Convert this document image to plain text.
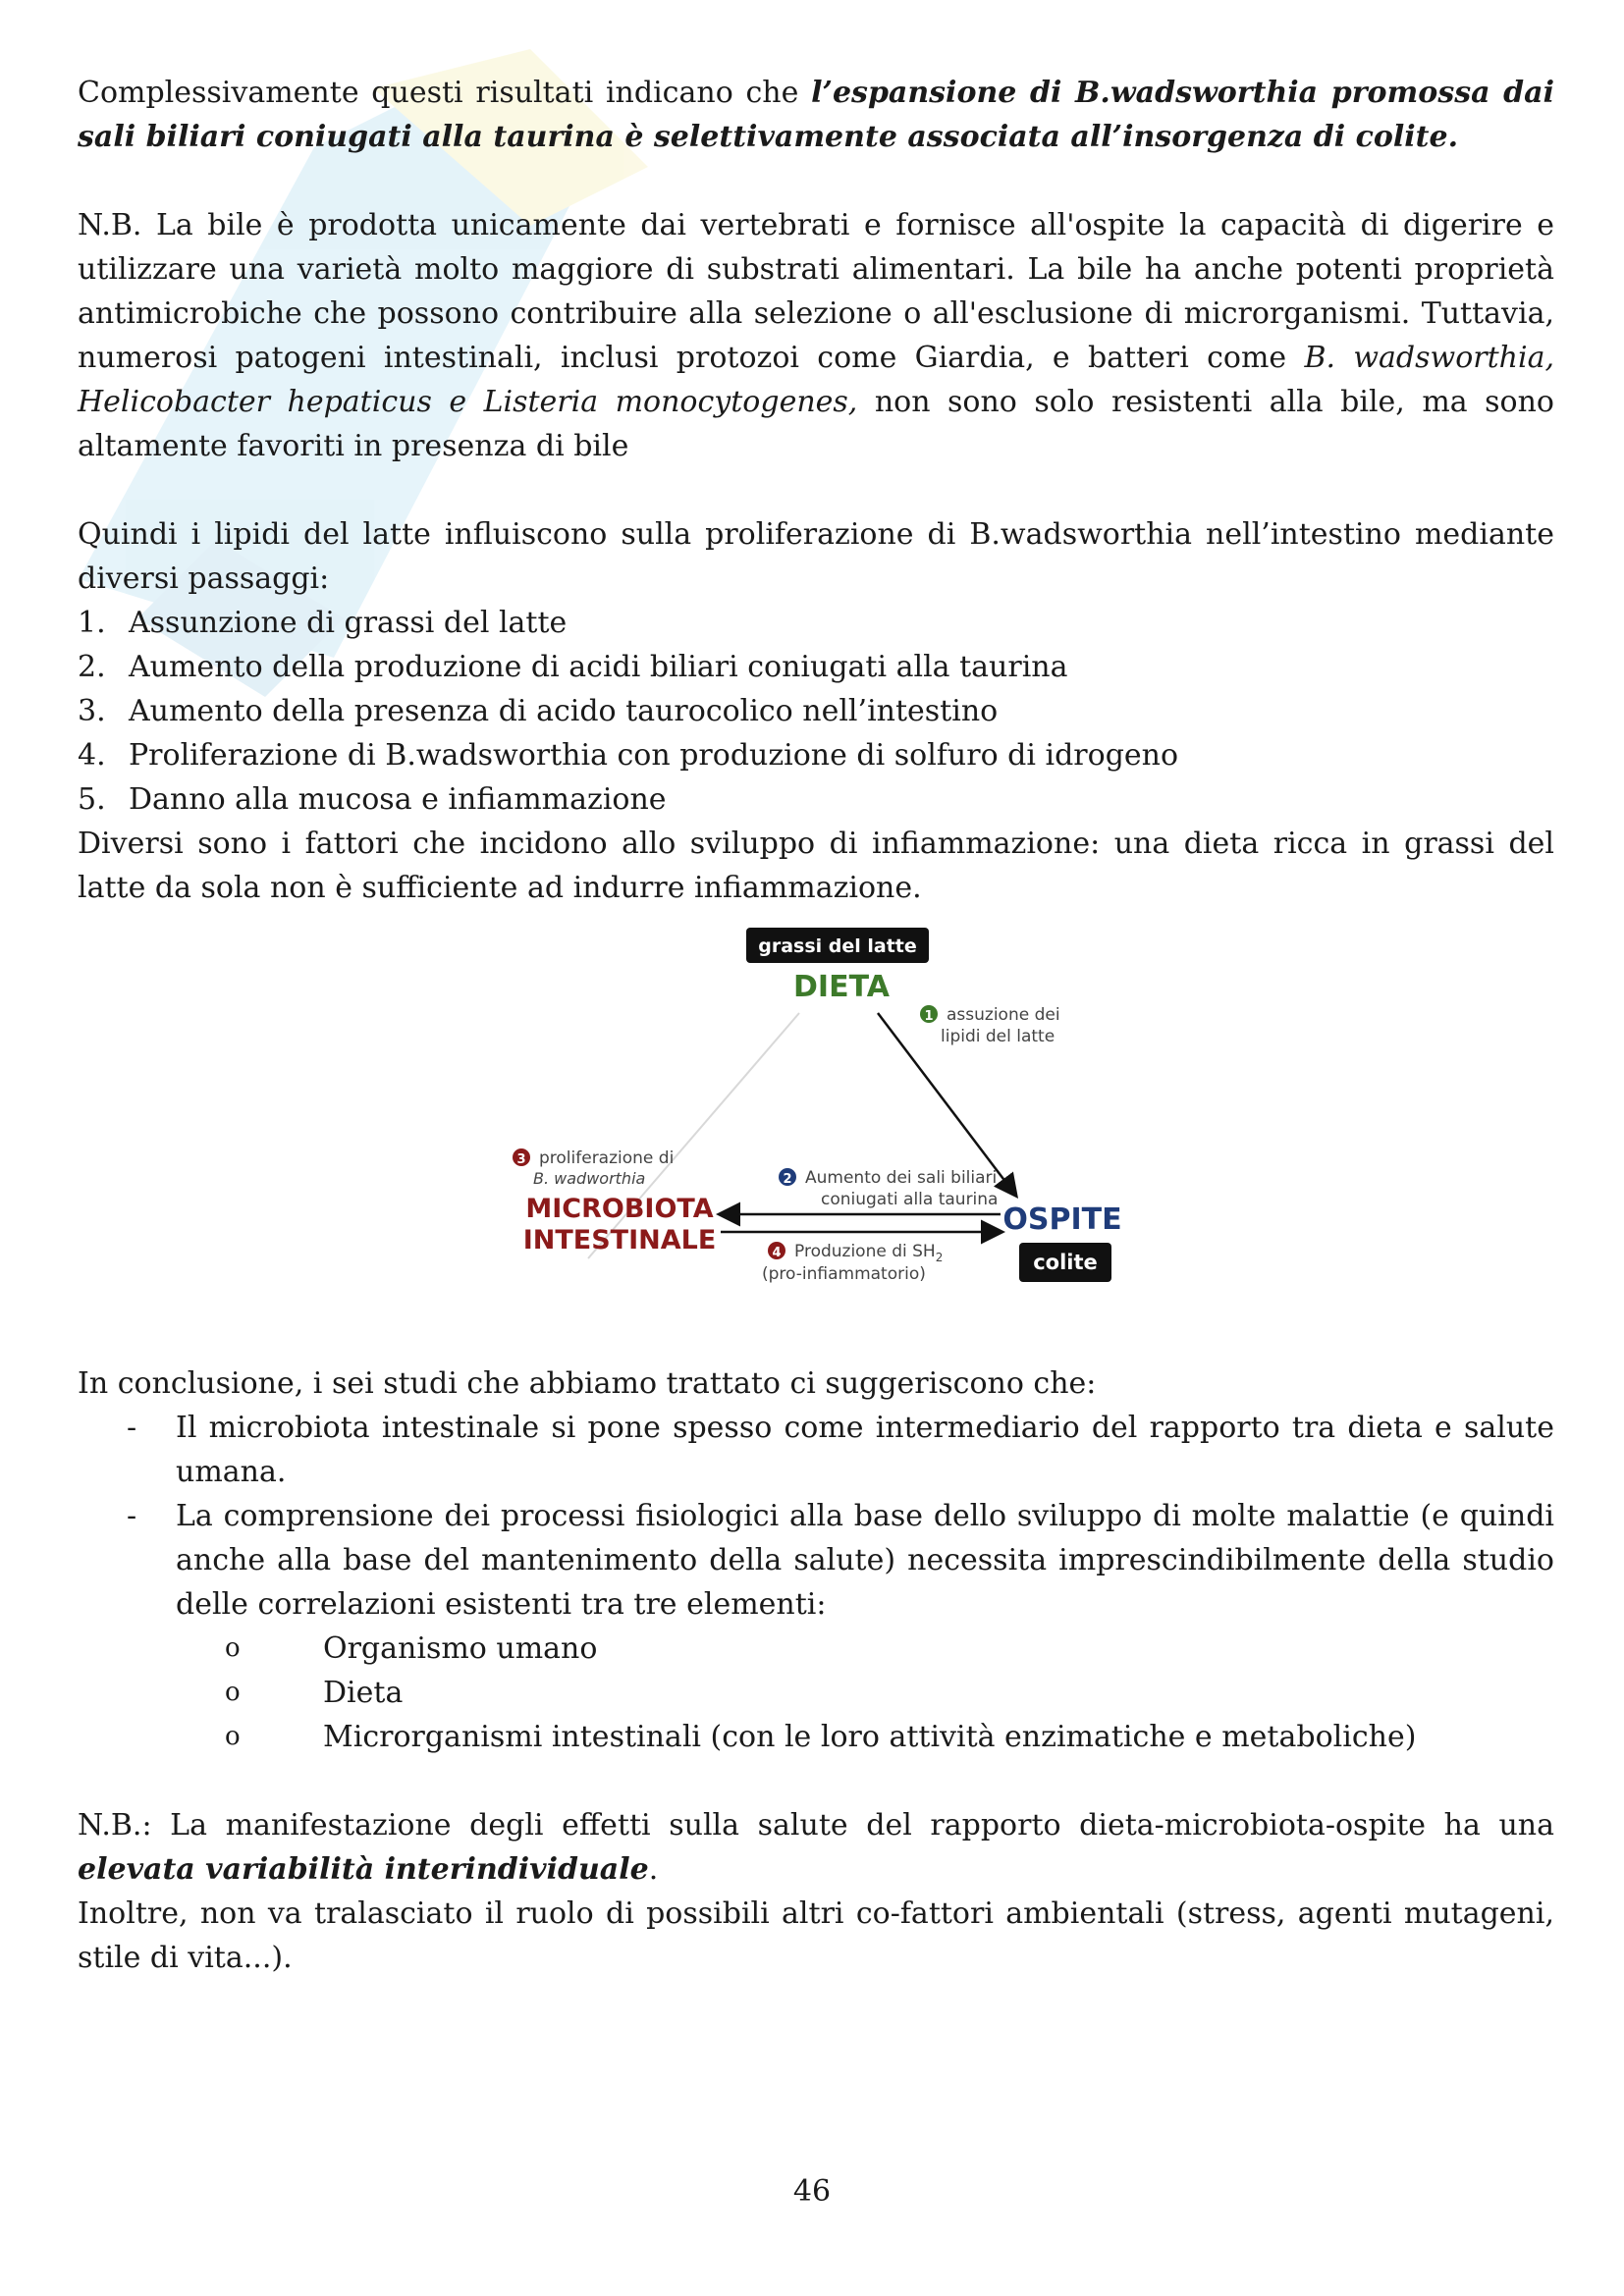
Complessivamente questi risultati indicano che l’espansione di B.wadsworthia promossa dai sali biliari coniugati alla taurina è selettivamente associata all’insorgenza di colite.

N.B. La bile è prodotta unicamente dai vertebrati e fornisce all'ospite la capacità di digerire e utilizzare una varietà molto maggiore di substrati alimentari. La bile ha anche potenti proprietà antimicrobiche che possono contribuire alla selezione o all'esclusione di microrganismi. Tuttavia, numerosi patogeni intestinali, inclusi protozoi come Giardia, e batteri come B. wadsworthia, Helicobacter hepaticus e Listeria monocytogenes, non sono solo resistenti alla bile, ma sono altamente favoriti in presenza di bile

Quindi i lipidi del latte influiscono sulla proliferazione di B.wadsworthia nell’intestino mediante diversi passaggi:

1. Assunzione di grassi del latte
2. Aumento della produzione di acidi biliari coniugati alla taurina
3. Aumento della presenza di acido taurocolico nell’intestino
4. Proliferazione di B.wadsworthia con produzione di solfuro di idrogeno
5. Danno alla mucosa e infiammazione

Diversi sono i fattori che incidono allo sviluppo di infiammazione: una dieta ricca in grassi del latte da sola non è sufficiente ad indurre infiammazione.

grassi del latte
DIETA
1 assuzione dei
lipidi del latte
3 proliferazione di
B. wadworthia
MICROBIOTA
INTESTINALE
2 Aumento dei sali biliari
coniugati alla taurina
4 Produzione di $SH_2$
(pro-infiammatorio)
OSPITE
colite

In conclusione, i sei studi che abbiamo trattato ci suggeriscono che:

-	Il microbiota intestinale si pone spesso come intermediario del rapporto tra dieta e salute umana.
-	La comprensione dei processi fisiologici alla base dello sviluppo di molte malattie (e quindi anche alla base del mantenimento della salute) necessita imprescindibilmente della studio delle correlazioni esistenti tra tre elementi:
o	Organismo umano
o	Dieta
o	Microrganismi intestinali (con le loro attività enzimatiche e metaboliche)

N.B.: La manifestazione degli effetti sulla salute del rapporto dieta-microbiota-ospite ha una elevata variabilità interindividuale.

Inoltre, non va tralasciato il ruolo di possibili altri co-fattori ambientali (stress, agenti mutageni, stile di vita...).

46
